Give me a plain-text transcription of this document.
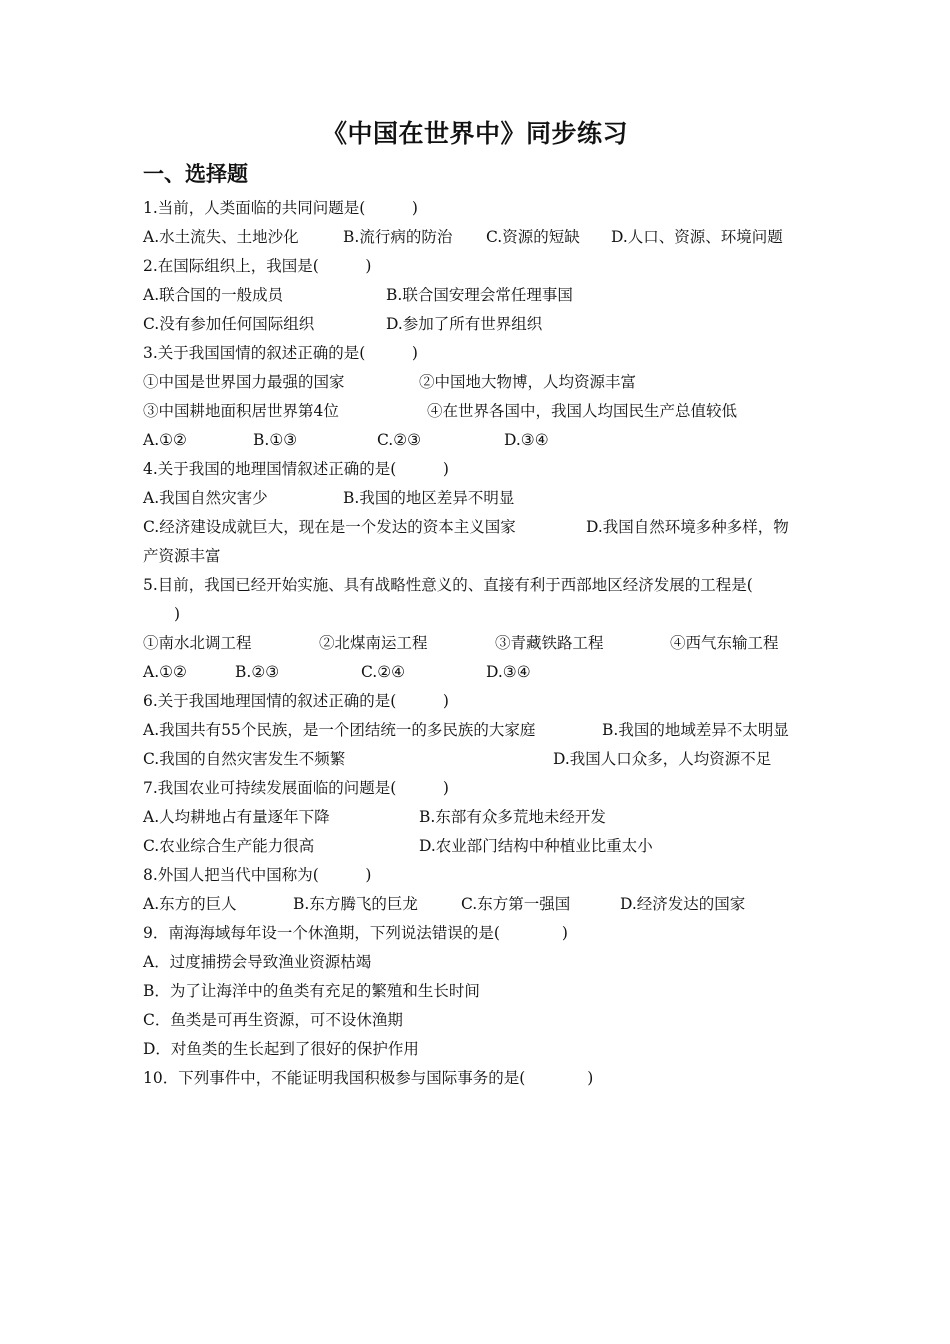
《中国在世界中》同步练习
一、选择题
1.当前，人类面临的共同问题是(　　　)
A.水土流失、土地沙化	B.流行病的防治 C.资源的短缺 D.人口、资源、环境问题
2.在国际组织上，我国是(　　　)
A.联合国的一般成员	B.联合国安理会常任理事国
C.没有参加任何国际组织	D.参加了所有世界组织
3.关于我国国情的叙述正确的是(　　　)
①中国是世界国力最强的国家	②中国地大物博，人均资源丰富
③中国耕地面积居世界第4位	④在世界各国中，我国人均国民生产总值较低
A.①②	B.①③	C.②③	D.③④
4.关于我国的地理国情叙述正确的是(　　　)
A.我国自然灾害少	B.我国的地区差异不明显
C.经济建设成就巨大，现在是一个发达的资本主义国家	D.我国自然环境多种多样，物
产资源丰富
5.目前，我国已经开始实施、具有战略性意义的、直接有利于西部地区经济发展的工程是(
　　)
①南水北调工程	②北煤南运工程	③青藏铁路工程	④西气东输工程
A.①②	B.②③	C.②④	D.③④
6.关于我国地理国情的叙述正确的是(　　　)
A.我国共有55个民族，是一个团结统一的多民族的大家庭	B.我国的地域差异不太明显
C.我国的自然灾害发生不频繁	D.我国人口众多，人均资源不足
7.我国农业可持续发展面临的问题是(　　　)
A.人均耕地占有量逐年下降	B.东部有众多荒地未经开发
C.农业综合生产能力很高	D.农业部门结构中种植业比重太小
8.外国人把当代中国称为(　　　)
A.东方的巨人	B.东方腾飞的巨龙	C.东方第一强国	D.经济发达的国家
9．南海海域每年设一个休渔期，下列说法错误的是(　　　　)
A．过度捕捞会导致渔业资源枯竭
B．为了让海洋中的鱼类有充足的繁殖和生长时间
C．鱼类是可再生资源，可不设休渔期
D．对鱼类的生长起到了很好的保护作用
10．下列事件中，不能证明我国积极参与国际事务的是(　　　　)
